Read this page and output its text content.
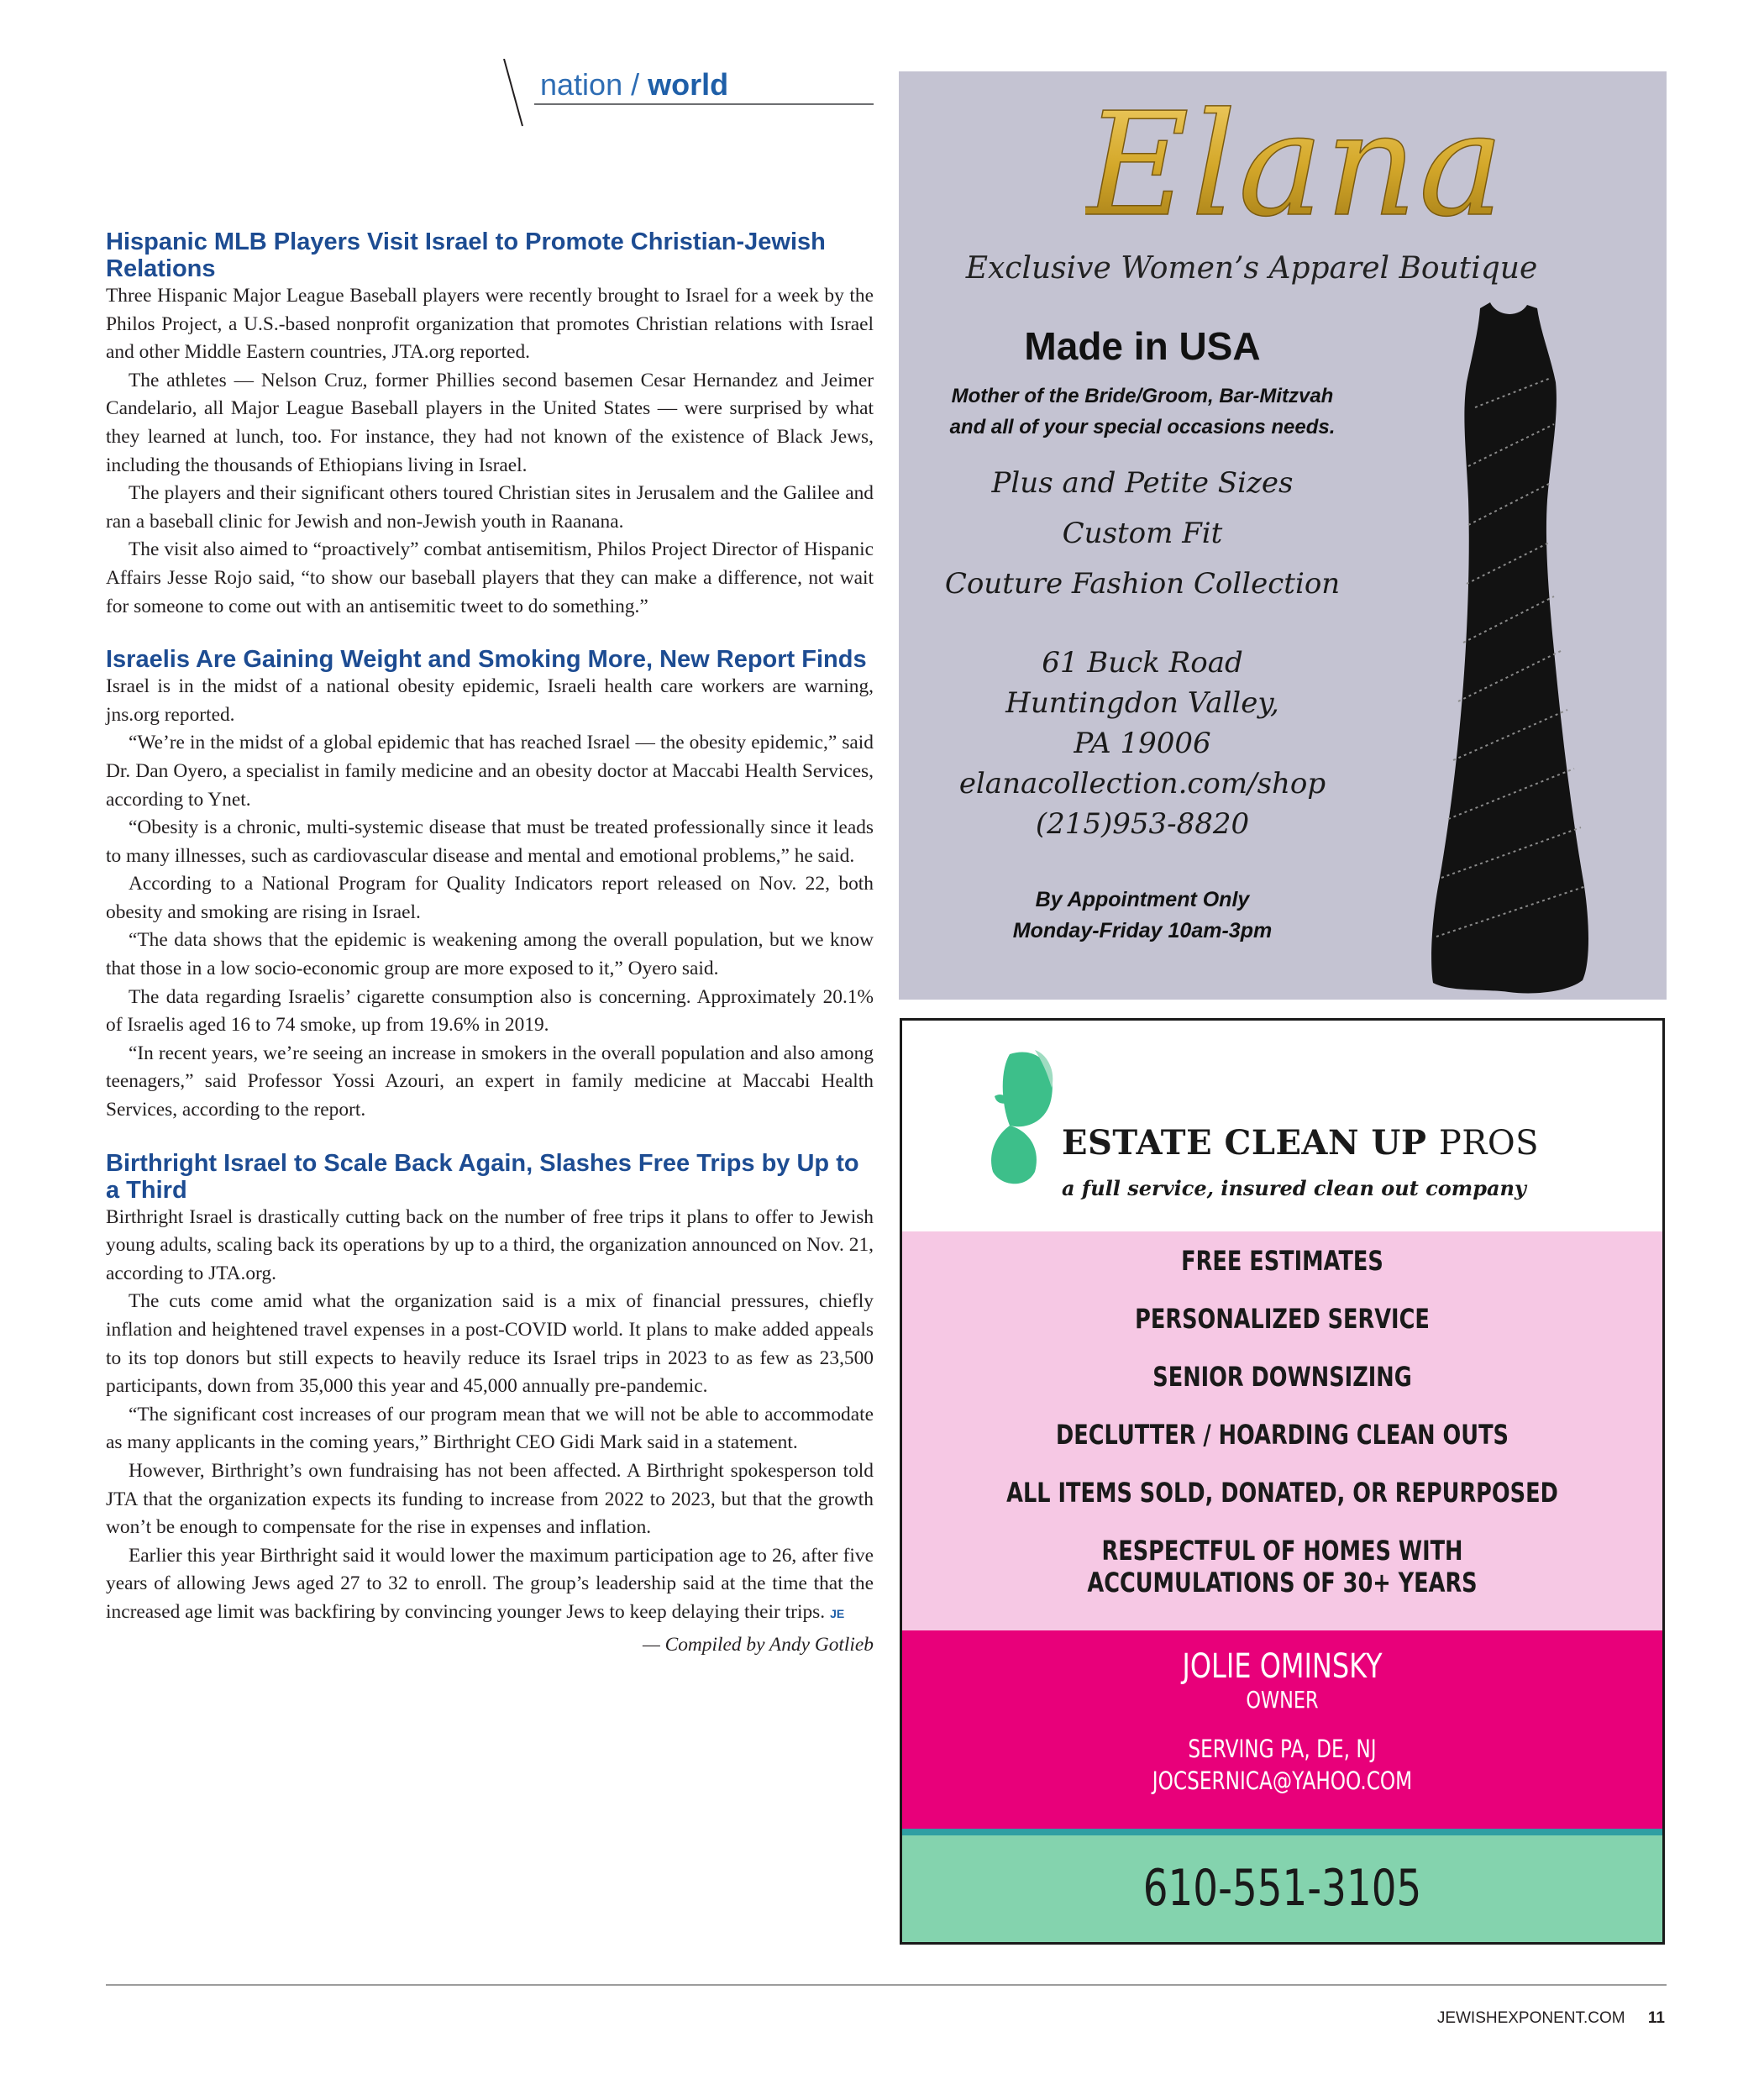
nation / world
Hispanic MLB Players Visit Israel to Promote Christian-Jewish Relations

Three Hispanic Major League Baseball players were recently brought to Israel for a week by the Philos Project, a U.S.-based nonprofit organization that promotes Christian relations with Israel and other Middle Eastern countries, JTA.org reported.

The athletes — Nelson Cruz, former Phillies second basemen Cesar Hernandez and Jeimer Candelario, all Major League Baseball players in the United States — were surprised by what they learned at lunch, too. For instance, they had not known of the existence of Black Jews, including the thousands of Ethiopians living in Israel.

The players and their significant others toured Christian sites in Jerusalem and the Galilee and ran a baseball clinic for Jewish and non-Jewish youth in Raanana.

The visit also aimed to “proactively” combat antisemitism, Philos Project Director of Hispanic Affairs Jesse Rojo said, “to show our baseball players that they can make a difference, not wait for someone to come out with an antisemitic tweet to do something.”

Israelis Are Gaining Weight and Smoking More, New Report Finds

Israel is in the midst of a national obesity epidemic, Israeli health care workers are warning, jns.org reported.

“We’re in the midst of a global epidemic that has reached Israel — the obesity epidemic,” said Dr. Dan Oyero, a specialist in family medicine and an obesity doctor at Maccabi Health Services, according to Ynet.

“Obesity is a chronic, multi-systemic disease that must be treated professionally since it leads to many illnesses, such as cardiovascular disease and mental and emotional problems,” he said.

According to a National Program for Quality Indicators report released on Nov. 22, both obesity and smoking are rising in Israel.

“The data shows that the epidemic is weakening among the overall population, but we know that those in a low socio-economic group are more exposed to it,” Oyero said.

The data regarding Israelis’ cigarette consumption also is concerning. Approximately 20.1% of Israelis aged 16 to 74 smoke, up from 19.6% in 2019.

“In recent years, we’re seeing an increase in smokers in the overall population and also among teenagers,” said Professor Yossi Azouri, an expert in family medicine at Maccabi Health Services, according to the report.

Birthright Israel to Scale Back Again, Slashes Free Trips by Up to a Third

Birthright Israel is drastically cutting back on the number of free trips it plans to offer to Jewish young adults, scaling back its operations by up to a third, the organization announced on Nov. 21, according to JTA.org.

The cuts come amid what the organization said is a mix of financial pressures, chiefly inflation and heightened travel expenses in a post-COVID world. It plans to make added appeals to its top donors but still expects to heavily reduce its Israel trips in 2023 to as few as 23,500 participants, down from 35,000 this year and 45,000 annually pre-pandemic.

“The significant cost increases of our program mean that we will not be able to accommodate as many applicants in the coming years,” Birthright CEO Gidi Mark said in a statement.

However, Birthright’s own fundraising has not been affected. A Birthright spokesperson told JTA that the organization expects its funding to increase from 2022 to 2023, but that the growth won’t be enough to compensate for the rise in expenses and inflation.

Earlier this year Birthright said it would lower the maximum participation age to 26, after five years of allowing Jews aged 27 to 32 to enroll. The group’s leadership said at the time that the increased age limit was backfiring by convincing younger Jews to keep delaying their trips. JE

— Compiled by Andy Gotlieb

JEWISHEXPONENT.COM 11
Elana
Exclusive Women’s Apparel Boutique
Made in USA
Mother of the Bride/Groom, Bar-Mitzvah
and all of your special occasions needs.
Plus and Petite Sizes
Custom Fit
Couture Fashion Collection
61 Buck Road
Huntingdon Valley,
PA 19006
elanacollection.com/shop
(215)953-8820
By Appointment Only
Monday-Friday 10am-3pm
ESTATE CLEAN UP PROS
a full service, insured clean out company
FREE ESTIMATES
PERSONALIZED SERVICE
SENIOR DOWNSIZING
DECLUTTER / HOARDING CLEAN OUTS
ALL ITEMS SOLD, DONATED, OR REPURPOSED
RESPECTFUL OF HOMES WITH
ACCUMULATIONS OF 30+ YEARS
JOLIE OMINSKY
OWNER
SERVING PA, DE, NJ
JOCSERNICA@YAHOO.COM
610-551-3105
